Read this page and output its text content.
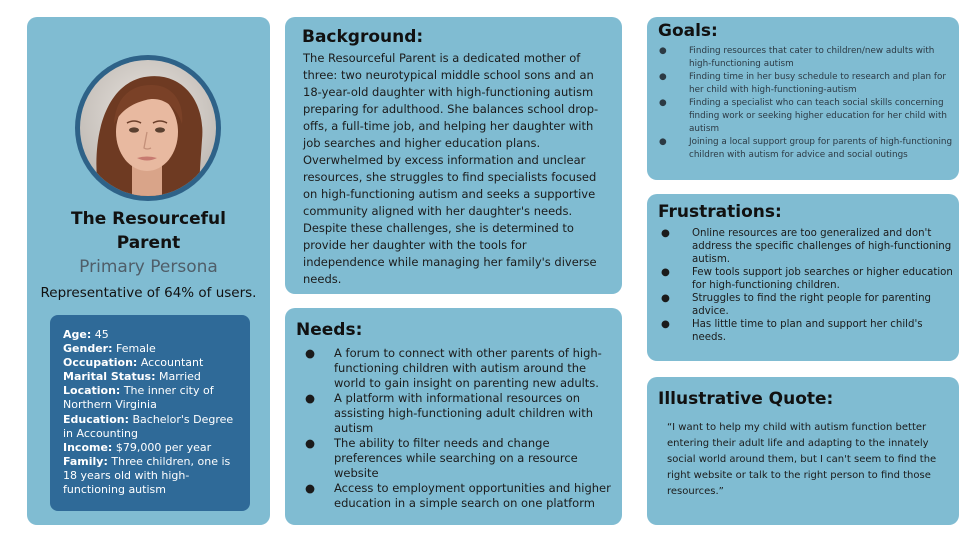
The Resourceful
Parent
Primary Persona
Representative of 64% of users.
Age: 45
Gender: Female
Occupation: Accountant
Marital Status: Married
Location: The inner city of Northern Virginia
Education: Bachelor's Degree in Accounting
Income: $79,000 per year
Family: Three children, one is 18 years old with high-functioning autism
Background:

The Resourceful Parent is a dedicated mother of three: two neurotypical middle school sons and an 18-year-old daughter with high-functioning autism preparing for adulthood. She balances school drop-offs, a full-time job, and helping her daughter with job searches and higher education plans. Overwhelmed by excess information and unclear resources, she struggles to find specialists focused on high-functioning autism and seeks a supportive community aligned with her daughter's needs. Despite these challenges, she is determined to provide her daughter with the tools for independence while managing her family's diverse needs.

Needs:
● A forum to connect with other parents of high-functioning children with autism around the world to gain insight on parenting new adults.
● A platform with informational resources on assisting high-functioning adult children with autism
● The ability to filter needs and change preferences while searching on a resource website
● Access to employment opportunities and higher education in a simple search on one platform
Goals:
●	Finding resources that cater to children/new adults with high-functioning autism
●	Finding time in her busy schedule to research and plan for her child with high-functioning-autism
●	Finding a specialist who can teach social skills concerning finding work or seeking higher education for her child with autism
●	Joining a local support group for parents of high-functioning children with autism for advice and social outings
Frustrations:
● Online resources are too generalized and don't address the specific challenges of high-functioning autism.
● Few tools support job searches or higher education for high-functioning children.
● Struggles to find the right people for parenting advice.
● Has little time to plan and support her child's needs.
Illustrative Quote:

“I want to help my child with autism function better entering their adult life and adapting to the innately social world around them, but I can't seem to find the right website or talk to the right person to find those resources.”
